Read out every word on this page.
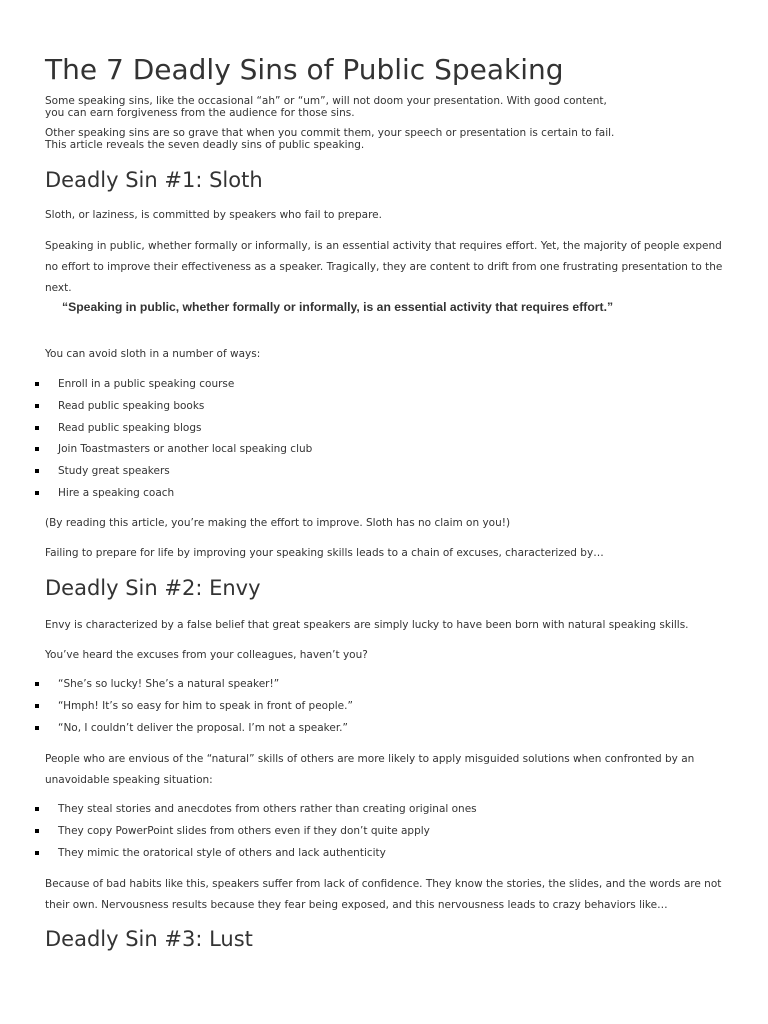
The 7 Deadly Sins of Public Speaking

Some speaking sins, like the occasional “ah” or “um”, will not doom your presentation. With good content, you can earn forgiveness from the audience for those sins.

Other speaking sins are so grave that when you commit them, your speech or presentation is certain to fail. This article reveals the seven deadly sins of public speaking.

Deadly Sin #1: Sloth

Sloth, or laziness, is committed by speakers who fail to prepare.

Speaking in public, whether formally or informally, is an essential activity that requires effort. Yet, the majority of people expend no effort to improve their effectiveness as a speaker. Tragically, they are content to drift from one frustrating presentation to the next.

“Speaking in public, whether formally or informally, is an essential activity that requires effort.”

You can avoid sloth in a number of ways:

Enroll in a public speaking course
Read public speaking books
Read public speaking blogs
Join Toastmasters or another local speaking club
Study great speakers
Hire a speaking coach

(By reading this article, you’re making the effort to improve. Sloth has no claim on you!)

Failing to prepare for life by improving your speaking skills leads to a chain of excuses, characterized by…

Deadly Sin #2: Envy

Envy is characterized by a false belief that great speakers are simply lucky to have been born with natural speaking skills.

You’ve heard the excuses from your colleagues, haven’t you?

“She’s so lucky! She’s a natural speaker!”
“Hmph! It’s so easy for him to speak in front of people.”
“No, I couldn’t deliver the proposal. I’m not a speaker.”

People who are envious of the “natural” skills of others are more likely to apply misguided solutions when confronted by an unavoidable speaking situation:

They steal stories and anecdotes from others rather than creating original ones
They copy PowerPoint slides from others even if they don’t quite apply
They mimic the oratorical style of others and lack authenticity

Because of bad habits like this, speakers suffer from lack of confidence. They know the stories, the slides, and the words are not their own. Nervousness results because they fear being exposed, and this nervousness leads to crazy behaviors like…

Deadly Sin #3: Lust
